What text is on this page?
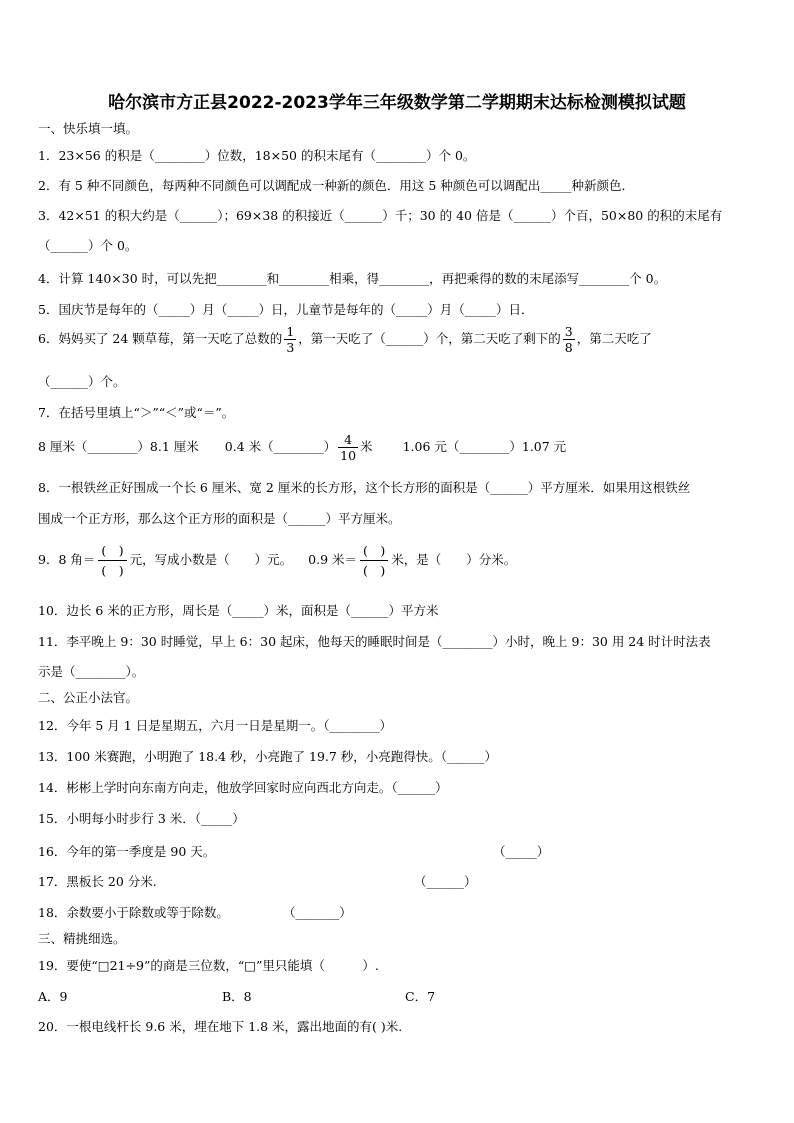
哈尔滨市方正县2022-2023学年三年级数学第二学期期末达标检测模拟试题
一、快乐填一填。
1．23×56 的积是（________）位数，18×50 的积末尾有（________）个 0。
2．有 5 种不同颜色，每两种不同颜色可以调配成一种新的颜色．用这 5 种颜色可以调配出_____种新颜色．
3．42×51 的积大约是（______）；69×38 的积接近（______）千；30 的 40 倍是（______）个百，50×80 的积的末尾有
（______）个 0。
4．计算 140×30 时，可以先把________和________相乘，得________，再把乘得的数的末尾添写________个 0。
5．国庆节是每年的（_____）月（_____）日，儿童节是每年的（_____）月（_____）日．
6．妈妈买了 24 颗草莓，第一天吃了总数的 $\frac{1}{3}$ ，第一天吃了（______）个，第二天吃了剩下的 $\frac{3}{8}$ ，第二天吃了
（______）个。
7．在括号里填上“＞”“＜”或“＝”。
8 厘米（________）8.1 厘米 0.4 米（________） $\frac{4}{10}$ 米 1.06 元（________）1.07 元
8．一根铁丝正好围成一个长 6 厘米、宽 2 厘米的长方形，这个长方形的面积是（______）平方厘米．如果用这根铁丝
围成一个正方形，那么这个正方形的面积是（______）平方厘米。
9．8 角＝
(　)
(　)
元，写成小数是（　　）元。 0.9 米＝
(　)
(　)
米，是（　　）分米。
10．边长 6 米的正方形，周长是（_____）米，面积是（______）平方米
11．李平晚上 9：30 时睡觉，早上 6：30 起床，他每天的睡眠时间是（________）小时，晚上 9：30 用 24 时计时法表
示是（________）。
二、公正小法官。
12．今年 5 月 1 日是星期五，六月一日是星期一。（________）
13．100 米赛跑，小明跑了 18.4 秒，小亮跑了 19.7 秒，小亮跑得快。（______）
14．彬彬上学时向东南方向走，他放学回家时应向西北方向走。（______）
15．小明每小时步行 3 米．（_____）
16．今年的第一季度是 90 天。	（_____）
17．黑板长 20 分米.	（______）
18．余数要小于除数或等于除数。	（_______）
三、精挑细选。
19．要使“□21÷9”的商是三位数，“□”里只能填（　　　）.
A．9	B．8	C．7
20．一根电线杆长 9.6 米，埋在地下 1.8 米，露出地面的有( )米.
